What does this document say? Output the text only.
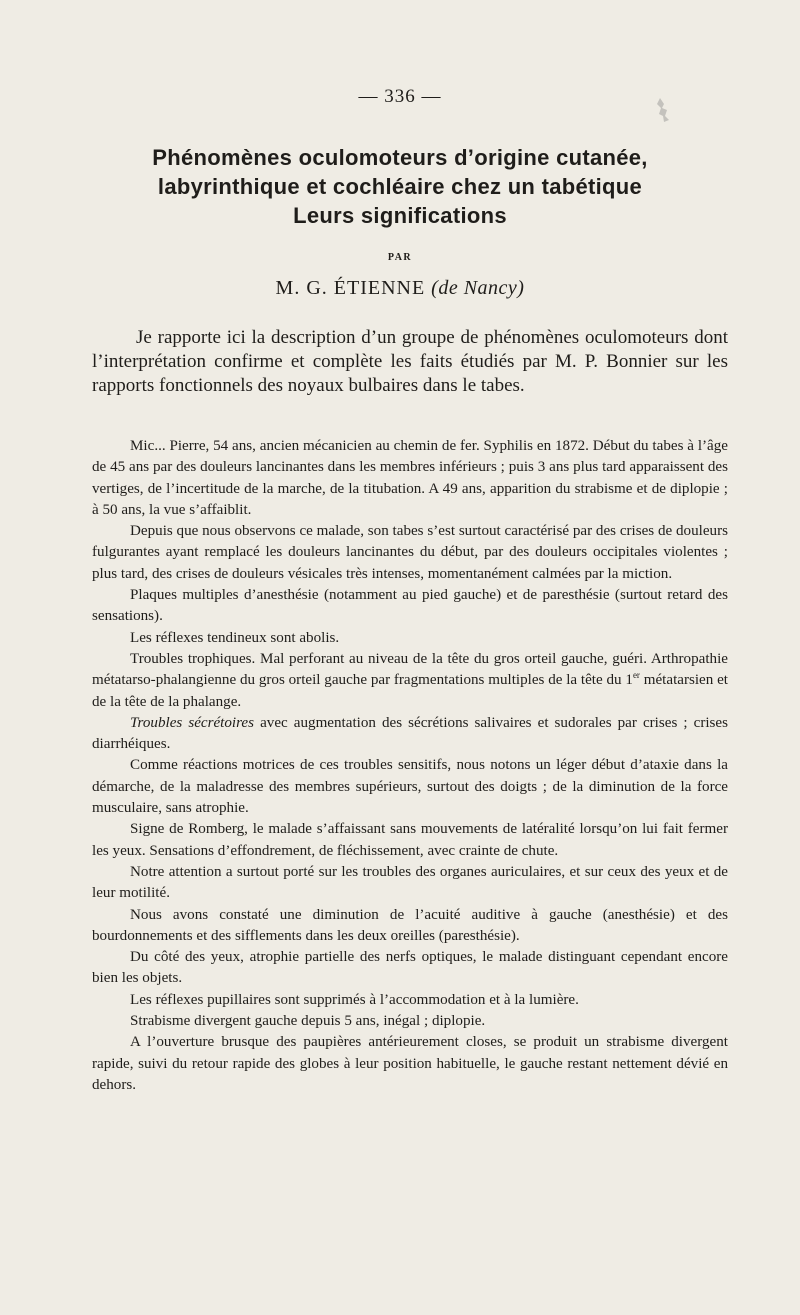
— 336 —
Phénomènes oculomoteurs d’origine cutanée,
labyrinthique et cochléaire chez un tabétique
Leurs significations
PAR
M. G. ÉTIENNE (de Nancy)

Je rapporte ici la description d’un groupe de phénomènes oculomoteurs dont l’interprétation confirme et complète les faits étudiés par M. P. Bonnier sur les rapports fonctionnels des noyaux bulbaires dans le tabes.

Mic... Pierre, 54 ans, ancien mécanicien au chemin de fer. Syphilis en 1872. Début du tabes à l’âge de 45 ans par des douleurs lancinantes dans les membres inférieurs ; puis 3 ans plus tard apparaissent des vertiges, de l’incertitude de la marche, de la titubation. A 49 ans, apparition du strabisme et de diplopie ; à 50 ans, la vue s’affaiblit.

Depuis que nous observons ce malade, son tabes s’est surtout caractérisé par des crises de douleurs fulgurantes ayant remplacé les douleurs lancinantes du début, par des douleurs occipitales violentes ; plus tard, des crises de douleurs vésicales très intenses, momentanément calmées par la miction.

Plaques multiples d’anesthésie (notamment au pied gauche) et de paresthésie (surtout retard des sensations).

Les réflexes tendineux sont abolis.

Troubles trophiques. Mal perforant au niveau de la tête du gros orteil gauche, guéri. Arthropathie métatarso-phalangienne du gros orteil gauche par fragmentations multiples de la tête du 1er métatarsien et de la tête de la phalange.

Troubles sécrétoires avec augmentation des sécrétions salivaires et sudorales par crises ; crises diarrhéiques.

Comme réactions motrices de ces troubles sensitifs, nous notons un léger début d’ataxie dans la démarche, de la maladresse des membres supérieurs, surtout des doigts ; de la diminution de la force musculaire, sans atrophie.

Signe de Romberg, le malade s’affaissant sans mouvements de latéralité lorsqu’on lui fait fermer les yeux. Sensations d’effondrement, de fléchissement, avec crainte de chute.

Notre attention a surtout porté sur les troubles des organes auriculaires, et sur ceux des yeux et de leur motilité.

Nous avons constaté une diminution de l’acuité auditive à gauche (anesthésie) et des bourdonnements et des sifflements dans les deux oreilles (paresthésie).

Du côté des yeux, atrophie partielle des nerfs optiques, le malade distinguant cependant encore bien les objets.

Les réflexes pupillaires sont supprimés à l’accommodation et à la lumière.

Strabisme divergent gauche depuis 5 ans, inégal ; diplopie.

A l’ouverture brusque des paupières antérieurement closes, se produit un strabisme divergent rapide, suivi du retour rapide des globes à leur position habituelle, le gauche restant nettement dévié en dehors.
